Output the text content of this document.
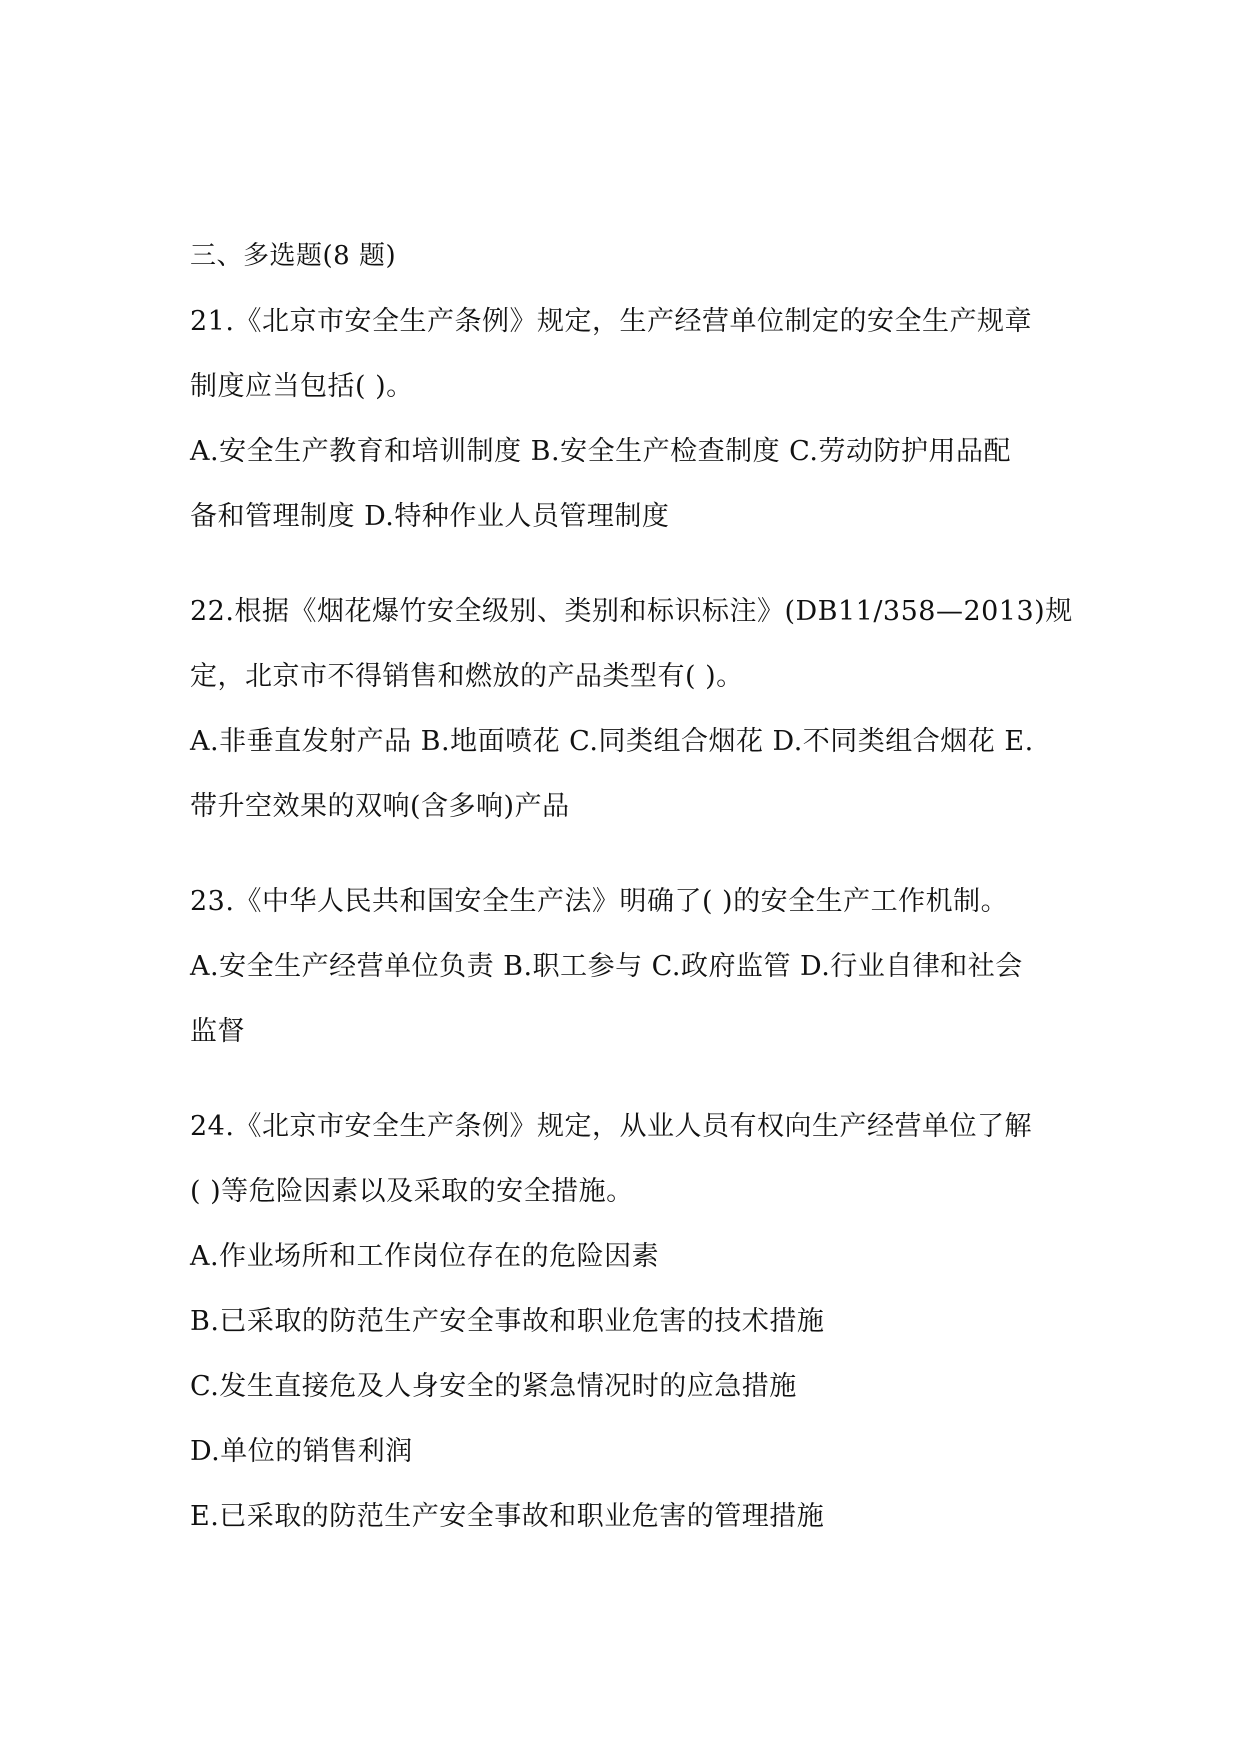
三、多选题(8 题)
21.《北京市安全生产条例》规定，生产经营单位制定的安全生产规章
制度应当包括( )。
A.安全生产教育和培训制度 B.安全生产检查制度 C.劳动防护用品配
备和管理制度 D.特种作业人员管理制度
22.根据《烟花爆竹安全级别、类别和标识标注》(DB11/358—2013)规
定，北京市不得销售和燃放的产品类型有( )。
A.非垂直发射产品 B.地面喷花 C.同类组合烟花 D.不同类组合烟花 E.
带升空效果的双响(含多响)产品
23.《中华人民共和国安全生产法》明确了( )的安全生产工作机制。
A.安全生产经营单位负责 B.职工参与 C.政府监管 D.行业自律和社会
监督
24.《北京市安全生产条例》规定，从业人员有权向生产经营单位了解
( )等危险因素以及采取的安全措施。
A.作业场所和工作岗位存在的危险因素
B.已采取的防范生产安全事故和职业危害的技术措施
C.发生直接危及人身安全的紧急情况时的应急措施
D.单位的销售利润
E.已采取的防范生产安全事故和职业危害的管理措施
